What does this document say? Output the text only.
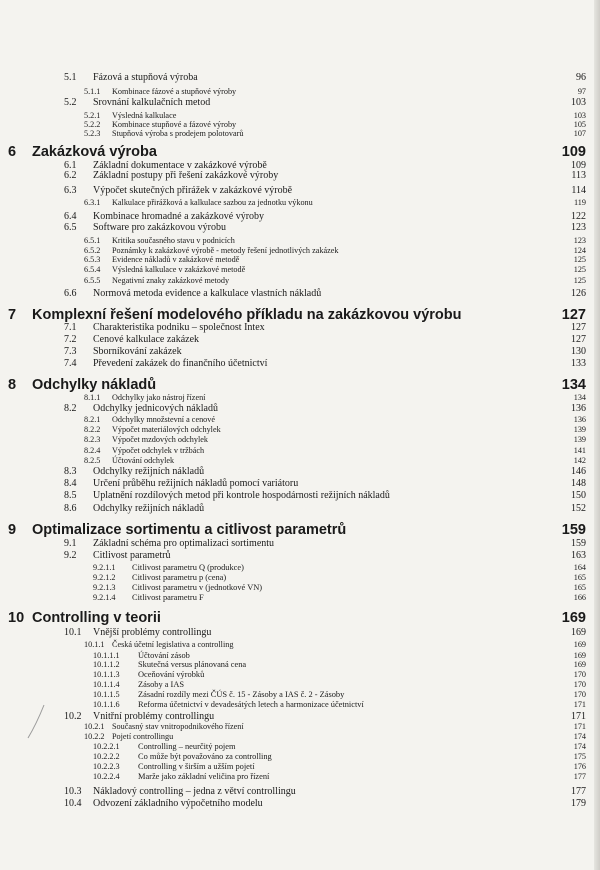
5.1 Fázová a stupňová výroba	96
5.1.1 Kombinace fázové a stupňové výroby	97
5.2 Srovnání kalkulačních metod	103
5.2.1 Výsledná kalkulace	103
5.2.2 Kombinace stupňové a fázové výroby	105
5.2.3 Stupňová výroba s prodejem polotovarů	107
6 Zakázková výroba	109
6.1 Základní dokumentace v zakázkové výrobě	109
6.2 Základní postupy při řešení zakázkové výroby	113
6.3 Výpočet skutečných přirážek v zakázkové výrobě	114
6.3.1 Kalkulace přirážková a kalkulace sazbou za jednotku výkonu	119
6.4 Kombinace hromadné a zakázkové výroby	122
6.5 Software pro zakázkovou výrobu	123
6.5.1 Kritika současného stavu v podnicích	123
6.5.2 Poznámky k zakázkové výrobě - metody řešení jednotlivých zakázek	124
6.5.3 Evidence nákladů v zakázkové metodě	125
6.5.4 Výsledná kalkulace v zakázkové metodě	125
6.5.5 Negativní znaky zakázkové metody	125
6.6 Normová metoda evidence a kalkulace vlastních nákladů	126
7 Komplexní řešení modelového příkladu na zakázkovou výrobu	127
7.1 Charakteristika podniku – společnost Intex	127
7.2 Cenové kalkulace zakázek	127
7.3 Sborníkování zakázek	130
7.4 Převedení zakázek do finančního účetnictví	133
8 Odchylky nákladů	134
8.1.1 Odchylky jako nástroj řízení	134
8.2 Odchylky jednicových nákladů	136
8.2.1 Odchylky množstevní a cenové	136
8.2.2 Výpočet materiálových odchylek	139
8.2.3 Výpočet mzdových odchylek	139
8.2.4 Výpočet odchylek v tržbách	141
8.2.5 Účtování odchylek	142
8.3 Odchylky režijních nákladů	146
8.4 Určení průběhu režijních nákladů pomocí variátoru	148
8.5 Uplatnění rozdílových metod při kontrole hospodárnosti režijních nákladů	150
8.6 Odchylky režijních nákladů	152
9 Optimalizace sortimentu a citlivost parametrů	159
9.1 Základní schéma pro optimalizaci sortimentu	159
9.2 Citlivost parametrů	163
9.2.1.1 Citlivost parametru Q (produkce)	164
9.2.1.2 Citlivost parametru p (cena)	165
9.2.1.3 Citlivost parametru v (jednotkové VN)	165
9.2.1.4 Citlivost parametru F	166
10 Controlling v teorii	169
10.1 Vnější problémy controllingu	169
10.1.1 Česká účetní legislativa a controlling	169
10.1.1.1 Účtování zásob	169
10.1.1.2 Skutečná versus plánovaná cena	169
10.1.1.3 Oceňování výrobků	170
10.1.1.4 Zásoby a IAS	170
10.1.1.5 Zásadní rozdíly mezi ČÚS č. 15 - Zásoby a IAS č. 2 - Zásoby	170
10.1.1.6 Reforma účetnictví v devadesátých letech a harmonizace účetnictví	171
10.2 Vnitřní problémy controllingu	171
10.2.1 Současný stav vnitropodnikového řízení	171
10.2.2 Pojetí controllingu	174
10.2.2.1 Controlling – neurčitý pojem	174
10.2.2.2 Co může být považováno za controlling	175
10.2.2.3 Controlling v širším a užším pojetí	176
10.2.2.4 Marže jako základní veličina pro řízení	177
10.3 Nákladový controlling – jedna z větví controllingu	177
10.4 Odvození základního výpočetního modelu	179
